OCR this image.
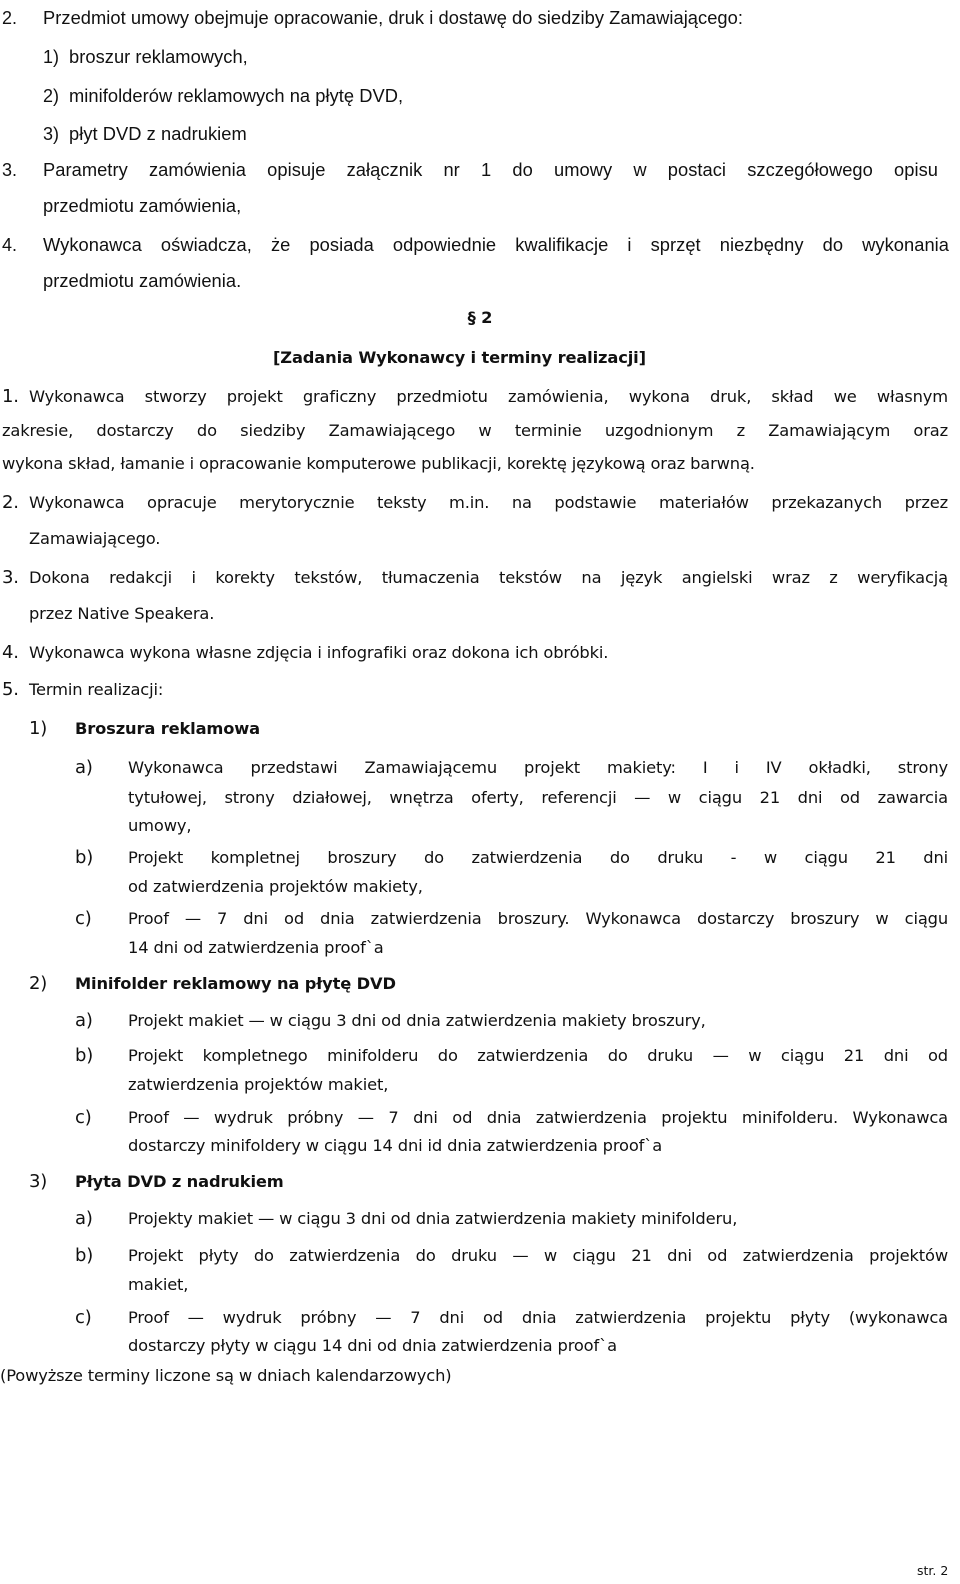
2. Przedmiot umowy obejmuje opracowanie, druk i dostawę do siedziby Zamawiającego:
1) broszur reklamowych,
2) minifolderów reklamowych na płytę DVD,
3) płyt DVD z nadrukiem
3. Parametry zamówienia opisuje załącznik nr 1 do umowy w postaci szczegółowego opisu
przedmiotu zamówienia,
4. Wykonawca oświadcza, że posiada odpowiednie kwalifikacje i sprzęt niezbędny do wykonania
przedmiotu zamówienia.
§ 2
[Zadania Wykonawcy i terminy realizacji]
1. Wykonawca stworzy projekt graficzny przedmiotu zamówienia, wykona druk, skład we własnym
zakresie, dostarczy do siedziby Zamawiającego w terminie uzgodnionym z Zamawiającym oraz
wykona skład, łamanie i opracowanie komputerowe publikacji, korektę językową oraz barwną.
2. Wykonawca opracuje merytorycznie teksty m.in. na podstawie materiałów przekazanych przez
Zamawiającego.
3. Dokona redakcji i korekty tekstów, tłumaczenia tekstów na język angielski wraz z weryfikacją
przez Native Speakera.
4. Wykonawca wykona własne zdjęcia i infografiki oraz dokona ich obróbki.
5. Termin realizacji:
1) Broszura reklamowa
a) Wykonawca przedstawi Zamawiającemu projekt makiety: I i IV okładki, strony
tytułowej, strony działowej, wnętrza oferty, referencji — w ciągu 21 dni od zawarcia
umowy,
b) Projekt kompletnej broszury do zatwierdzenia do druku - w ciągu 21 dni
od zatwierdzenia projektów makiety,
c) Proof — 7 dni od dnia zatwierdzenia broszury. Wykonawca dostarczy broszury w ciągu
14 dni od zatwierdzenia proof`a
2) Minifolder reklamowy na płytę DVD
a) Projekt makiet — w ciągu 3 dni od dnia zatwierdzenia makiety broszury,
b) Projekt kompletnego minifolderu do zatwierdzenia do druku — w ciągu 21 dni od
zatwierdzenia projektów makiet,
c) Proof — wydruk próbny — 7 dni od dnia zatwierdzenia projektu minifolderu. Wykonawca
dostarczy minifoldery w ciągu 14 dni id dnia zatwierdzenia proof`a
3) Płyta DVD z nadrukiem
a) Projekty makiet — w ciągu 3 dni od dnia zatwierdzenia makiety minifolderu,
b) Projekt płyty do zatwierdzenia do druku — w ciągu 21 dni od zatwierdzenia projektów
makiet,
c) Proof — wydruk próbny — 7 dni od dnia zatwierdzenia projektu płyty (wykonawca
dostarczy płyty w ciągu 14 dni od dnia zatwierdzenia proof`a
(Powyższe terminy liczone są w dniach kalendarzowych)
str. 2
